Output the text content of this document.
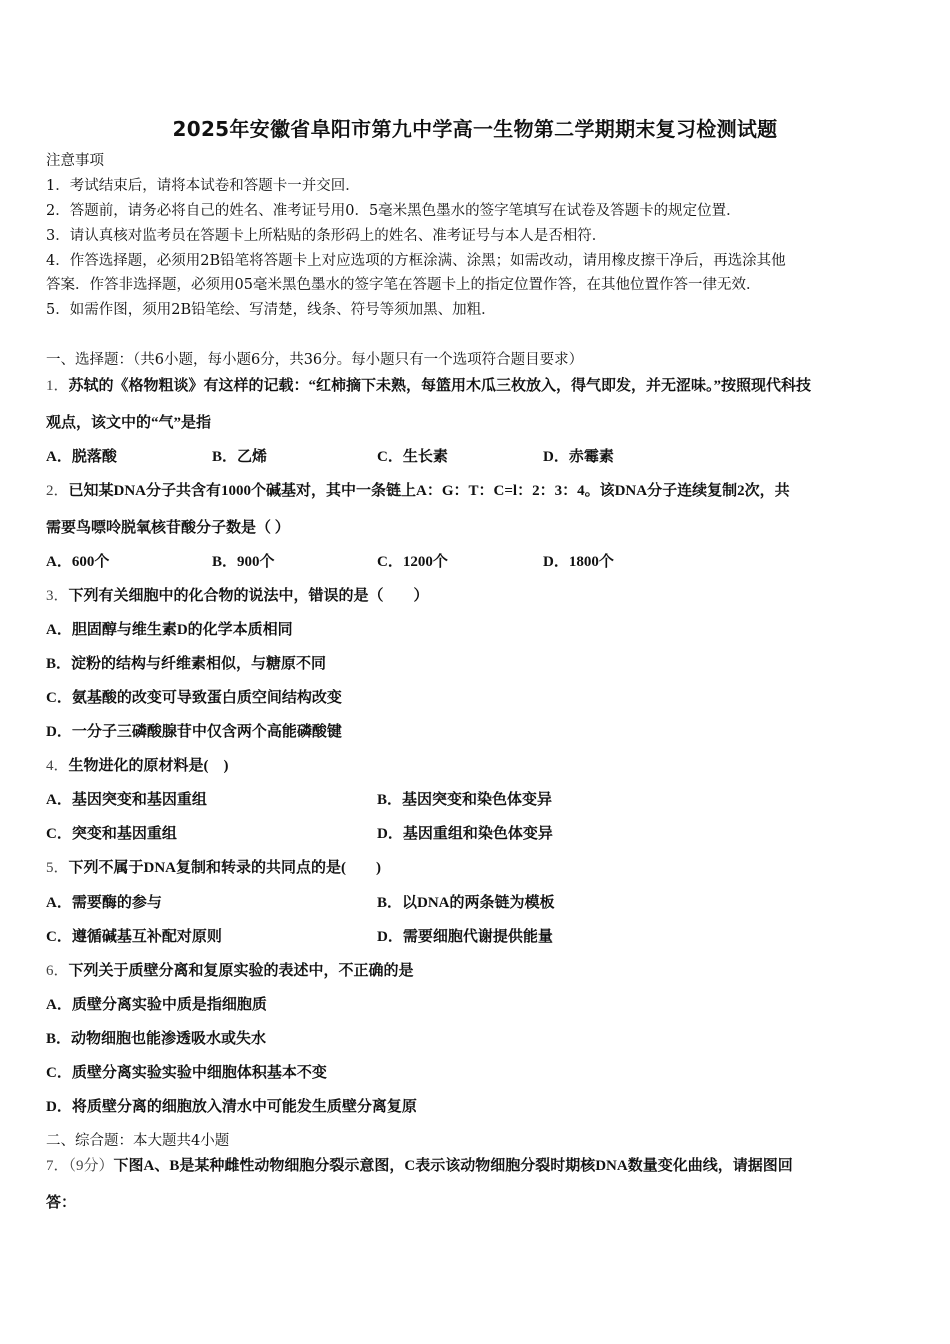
2025年安徽省阜阳市第九中学高一生物第二学期期末复习检测试题
注意事项
1．考试结束后，请将本试卷和答题卡一并交回．
2．答题前，请务必将自己的姓名、准考证号用0．5毫米黑色墨水的签字笔填写在试卷及答题卡的规定位置．
3．请认真核对监考员在答题卡上所粘贴的条形码上的姓名、准考证号与本人是否相符．
4．作答选择题，必须用2B铅笔将答题卡上对应选项的方框涂满、涂黑；如需改动，请用橡皮擦干净后，再选涂其他
答案．作答非选择题，必须用05毫米黑色墨水的签字笔在答题卡上的指定位置作答，在其他位置作答一律无效．
5．如需作图，须用2B铅笔绘、写清楚，线条、符号等须加黑、加粗．
一、选择题：（共6小题，每小题6分，共36分。每小题只有一个选项符合题目要求）
1．苏轼的《格物粗谈》有这样的记载：“红柿摘下未熟，每篮用木瓜三枚放入，得气即发，并无涩味。”按照现代科技
观点，该文中的“气”是指
A．脱落酸	B．乙烯	C．生长素	D．赤霉素
2．已知某DNA分子共含有1000个碱基对，其中一条链上A：G：T：C=l：2：3：4。该DNA分子连续复制2次，共
需要鸟嘌呤脱氧核苷酸分子数是（ ）
A．600个	B．900个	C．1200个	D．1800个
3．下列有关细胞中的化合物的说法中，错误的是（　　）
A．胆固醇与维生素D的化学本质相同
B．淀粉的结构与纤维素相似，与糖原不同
C．氨基酸的改变可导致蛋白质空间结构改变
D．一分子三磷酸腺苷中仅含两个高能磷酸键
4．生物进化的原材料是(　)
A．基因突变和基因重组	B．基因突变和染色体变异
C．突变和基因重组	D．基因重组和染色体变异
5．下列不属于DNA复制和转录的共同点的是(　　)
A．需要酶的参与	B．以DNA的两条链为模板
C．遵循碱基互补配对原则	D．需要细胞代谢提供能量
6．下列关于质壁分离和复原实验的表述中，不正确的是
A．质壁分离实验中质是指细胞质
B．动物细胞也能渗透吸水或失水
C．质壁分离实验实验中细胞体积基本不变
D．将质壁分离的细胞放入清水中可能发生质壁分离复原
二、综合题：本大题共4小题
7．（9分）下图A、B是某种雌性动物细胞分裂示意图，C表示该动物细胞分裂时期核DNA数量变化曲线，请据图回
答：
